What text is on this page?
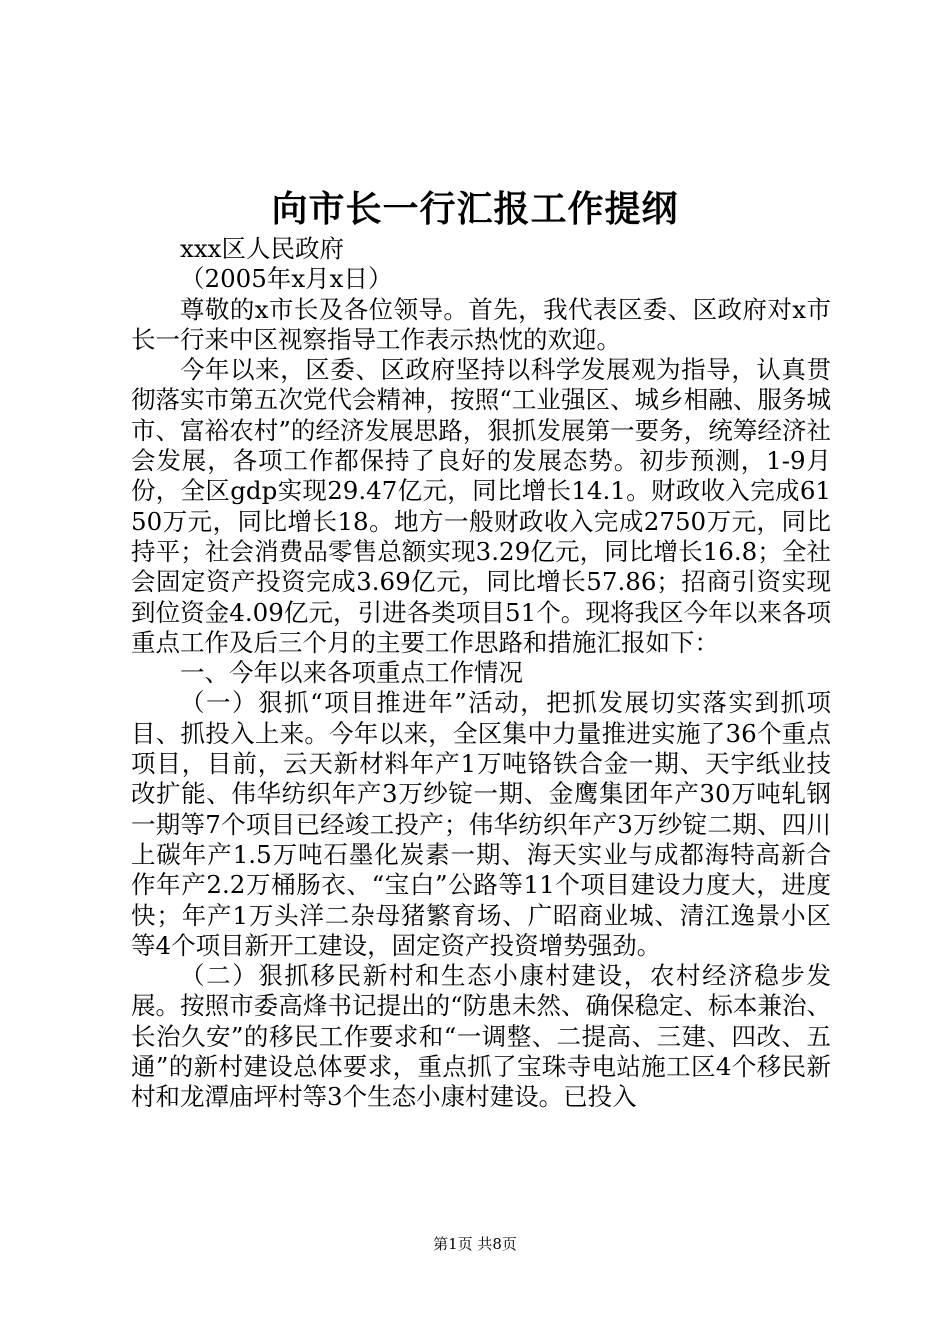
向市长一行汇报工作提纲

xxx区人民政府

（2005年x月x日）

尊敬的x市长及各位领导。首先，我代表区委、区政府对x市长一行来中区视察指导工作表示热忱的欢迎。

今年以来，区委、区政府坚持以科学发展观为指导，认真贯彻落实市第五次党代会精神，按照“工业强区、城乡相融、服务城市、富裕农村”的经济发展思路，狠抓发展第一要务，统筹经济社会发展，各项工作都保持了良好的发展态势。初步预测，1-9月份，全区gdp实现29.47亿元，同比增长14.1。财政收入完成6150万元，同比增长18。地方一般财政收入完成2750万元，同比持平；社会消费品零售总额实现3.29亿元，同比增长16.8；全社会固定资产投资完成3.69亿元，同比增长57.86；招商引资实现到位资金4.09亿元，引进各类项目51个。现将我区今年以来各项重点工作及后三个月的主要工作思路和措施汇报如下：

一、今年以来各项重点工作情况

（一）狠抓“项目推进年”活动，把抓发展切实落实到抓项目、抓投入上来。今年以来，全区集中力量推进实施了36个重点项目，目前，云天新材料年产1万吨铬铁合金一期、天宇纸业技改扩能、伟华纺织年产3万纱锭一期、金鹰集团年产30万吨轧钢一期等7个项目已经竣工投产；伟华纺织年产3万纱锭二期、四川上碳年产1.5万吨石墨化炭素一期、海天实业与成都海特高新合作年产2.2万桶肠衣、“宝白”公路等11个项目建设力度大，进度快；年产1万头洋二杂母猪繁育场、广昭商业城、清江逸景小区等4个项目新开工建设，固定资产投资增势强劲。

（二）狠抓移民新村和生态小康村建设，农村经济稳步发展。按照市委高烽书记提出的“防患未然、确保稳定、标本兼治、长治久安”的移民工作要求和“一调整、二提高、三建、四改、五通”的新村建设总体要求，重点抓了宝珠寺电站施工区4个移民新村和龙潭庙坪村等3个生态小康村建设。已投入

第1页 共8页
